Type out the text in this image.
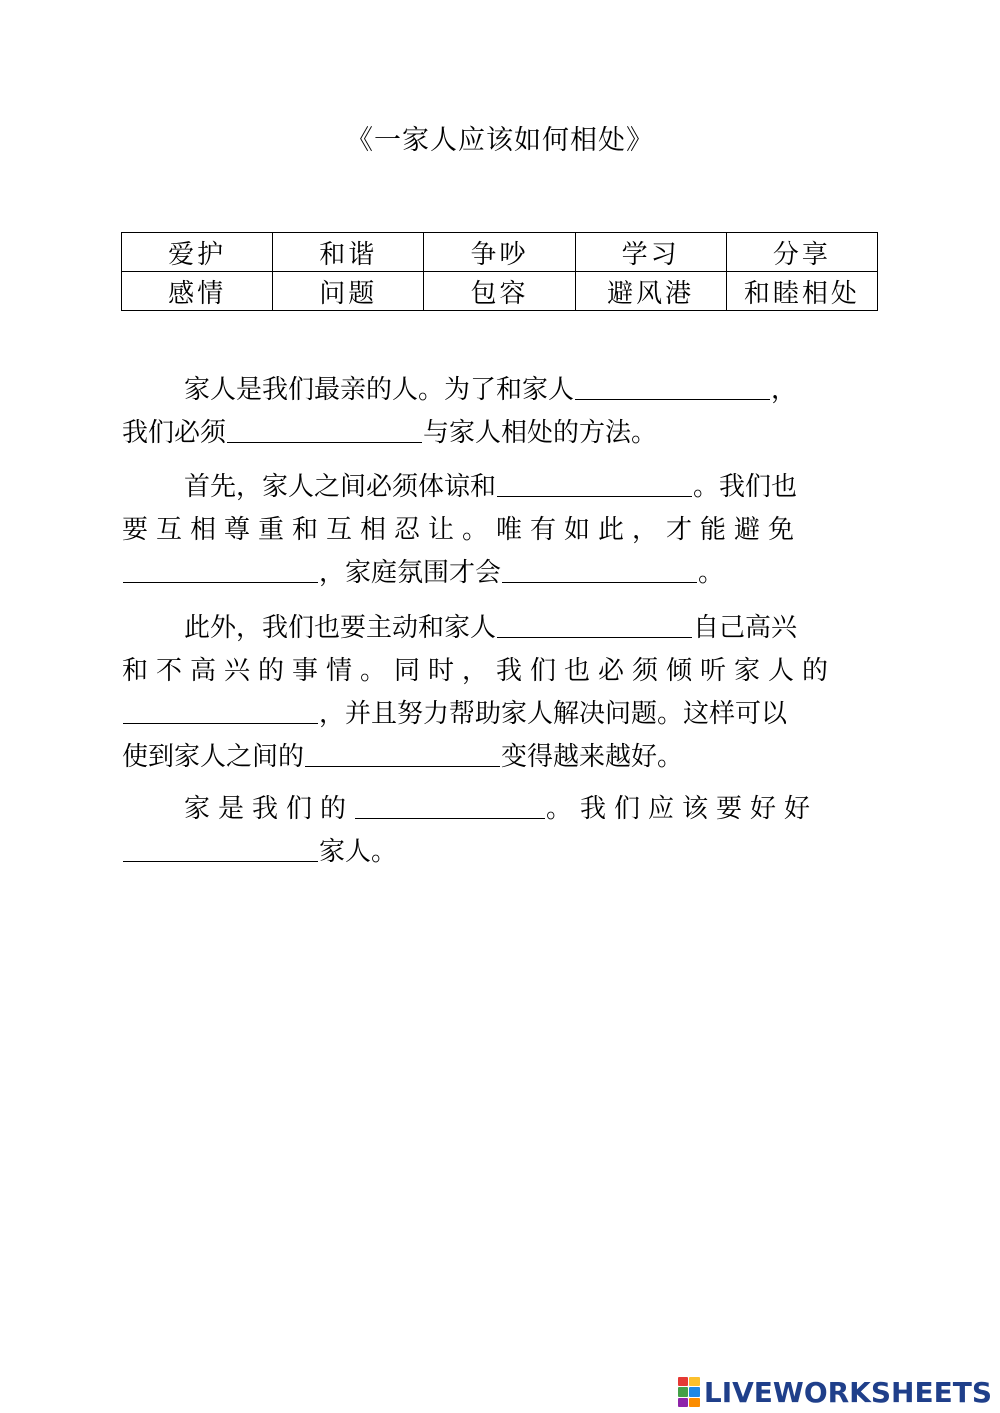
《一家人应该如何相处》
爱护	和谐	争吵	学习	分享
感情	问题	包容	避风港	和睦相处
家人是我们最亲的人。为了和家人	，
我们必须	与家人相处的方法。
首先，家人之间必须体谅和	。我们也
要互相尊重和互相忍让。唯有如此，才能避免
，家庭氛围才会	。
此外，我们也要主动和家人	自己高兴
和不高兴的事情。同时，我们也必须倾听家人的
，并且努力帮助家人解决问题。这样可以
使到家人之间的	变得越来越好。
家是我们的	。我们应该要好好
家人。
LIVEWORKSHEETS
